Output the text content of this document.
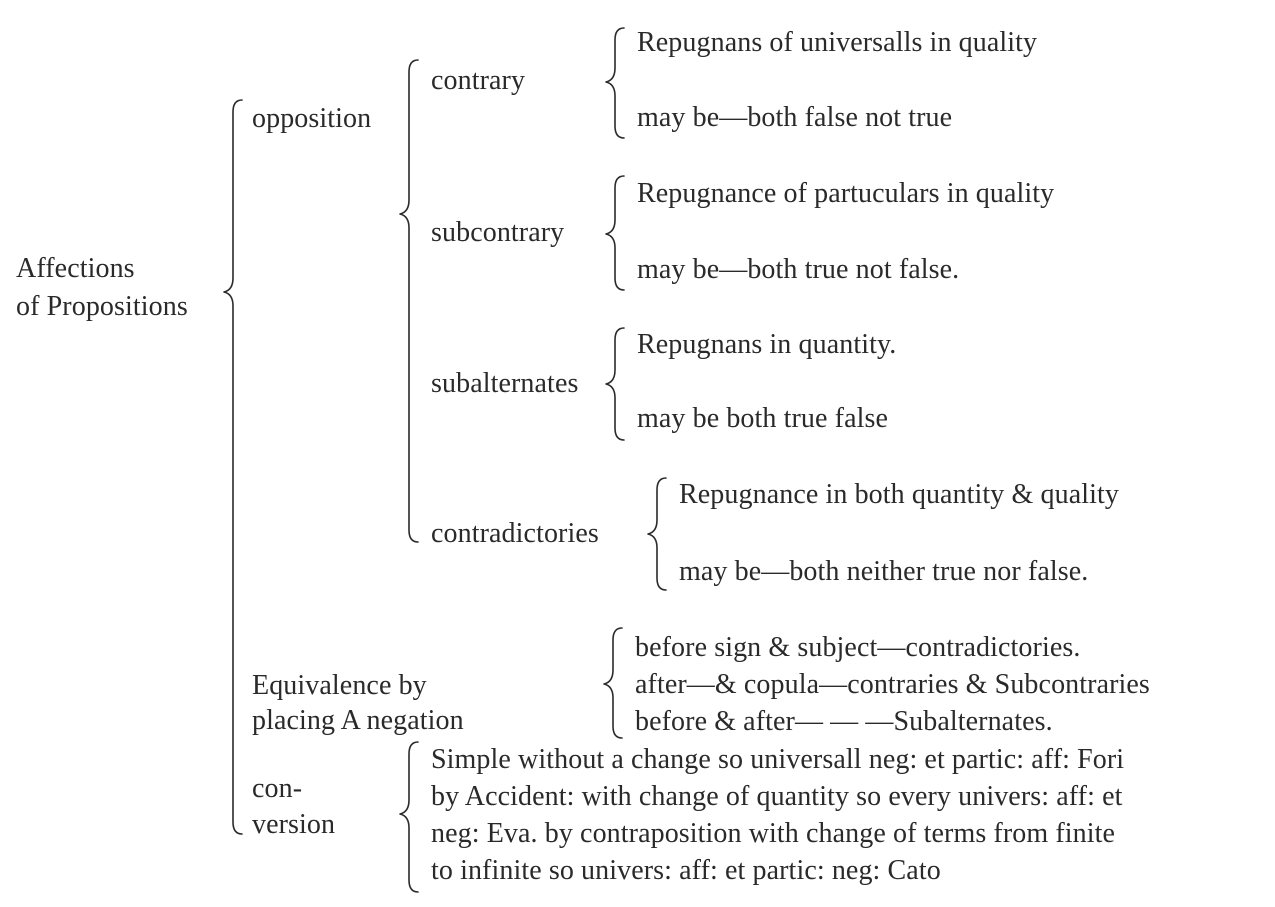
Affections
of Propositions
opposition
contrary
Repugnans of universalls in quality
may be—both false not true
subcontrary
Repugnance of partuculars in quality
may be—both true not false.
subalternates
Repugnans in quantity.
may be both true false
contradictories
Repugnance in both quantity & quality
may be—both neither true nor false.
Equivalence by
placing A negation
before sign & subject—contradictories.
after—& copula—contraries & Subcontraries
before & after— — —Subalternates.
con-
version
Simple without a change so universall neg: et partic: aff: Fori
by Accident: with change of quantity so every univers: aff: et
neg: Eva. by contraposition with change of terms from finite
to infinite so univers: aff: et partic: neg: Cato
